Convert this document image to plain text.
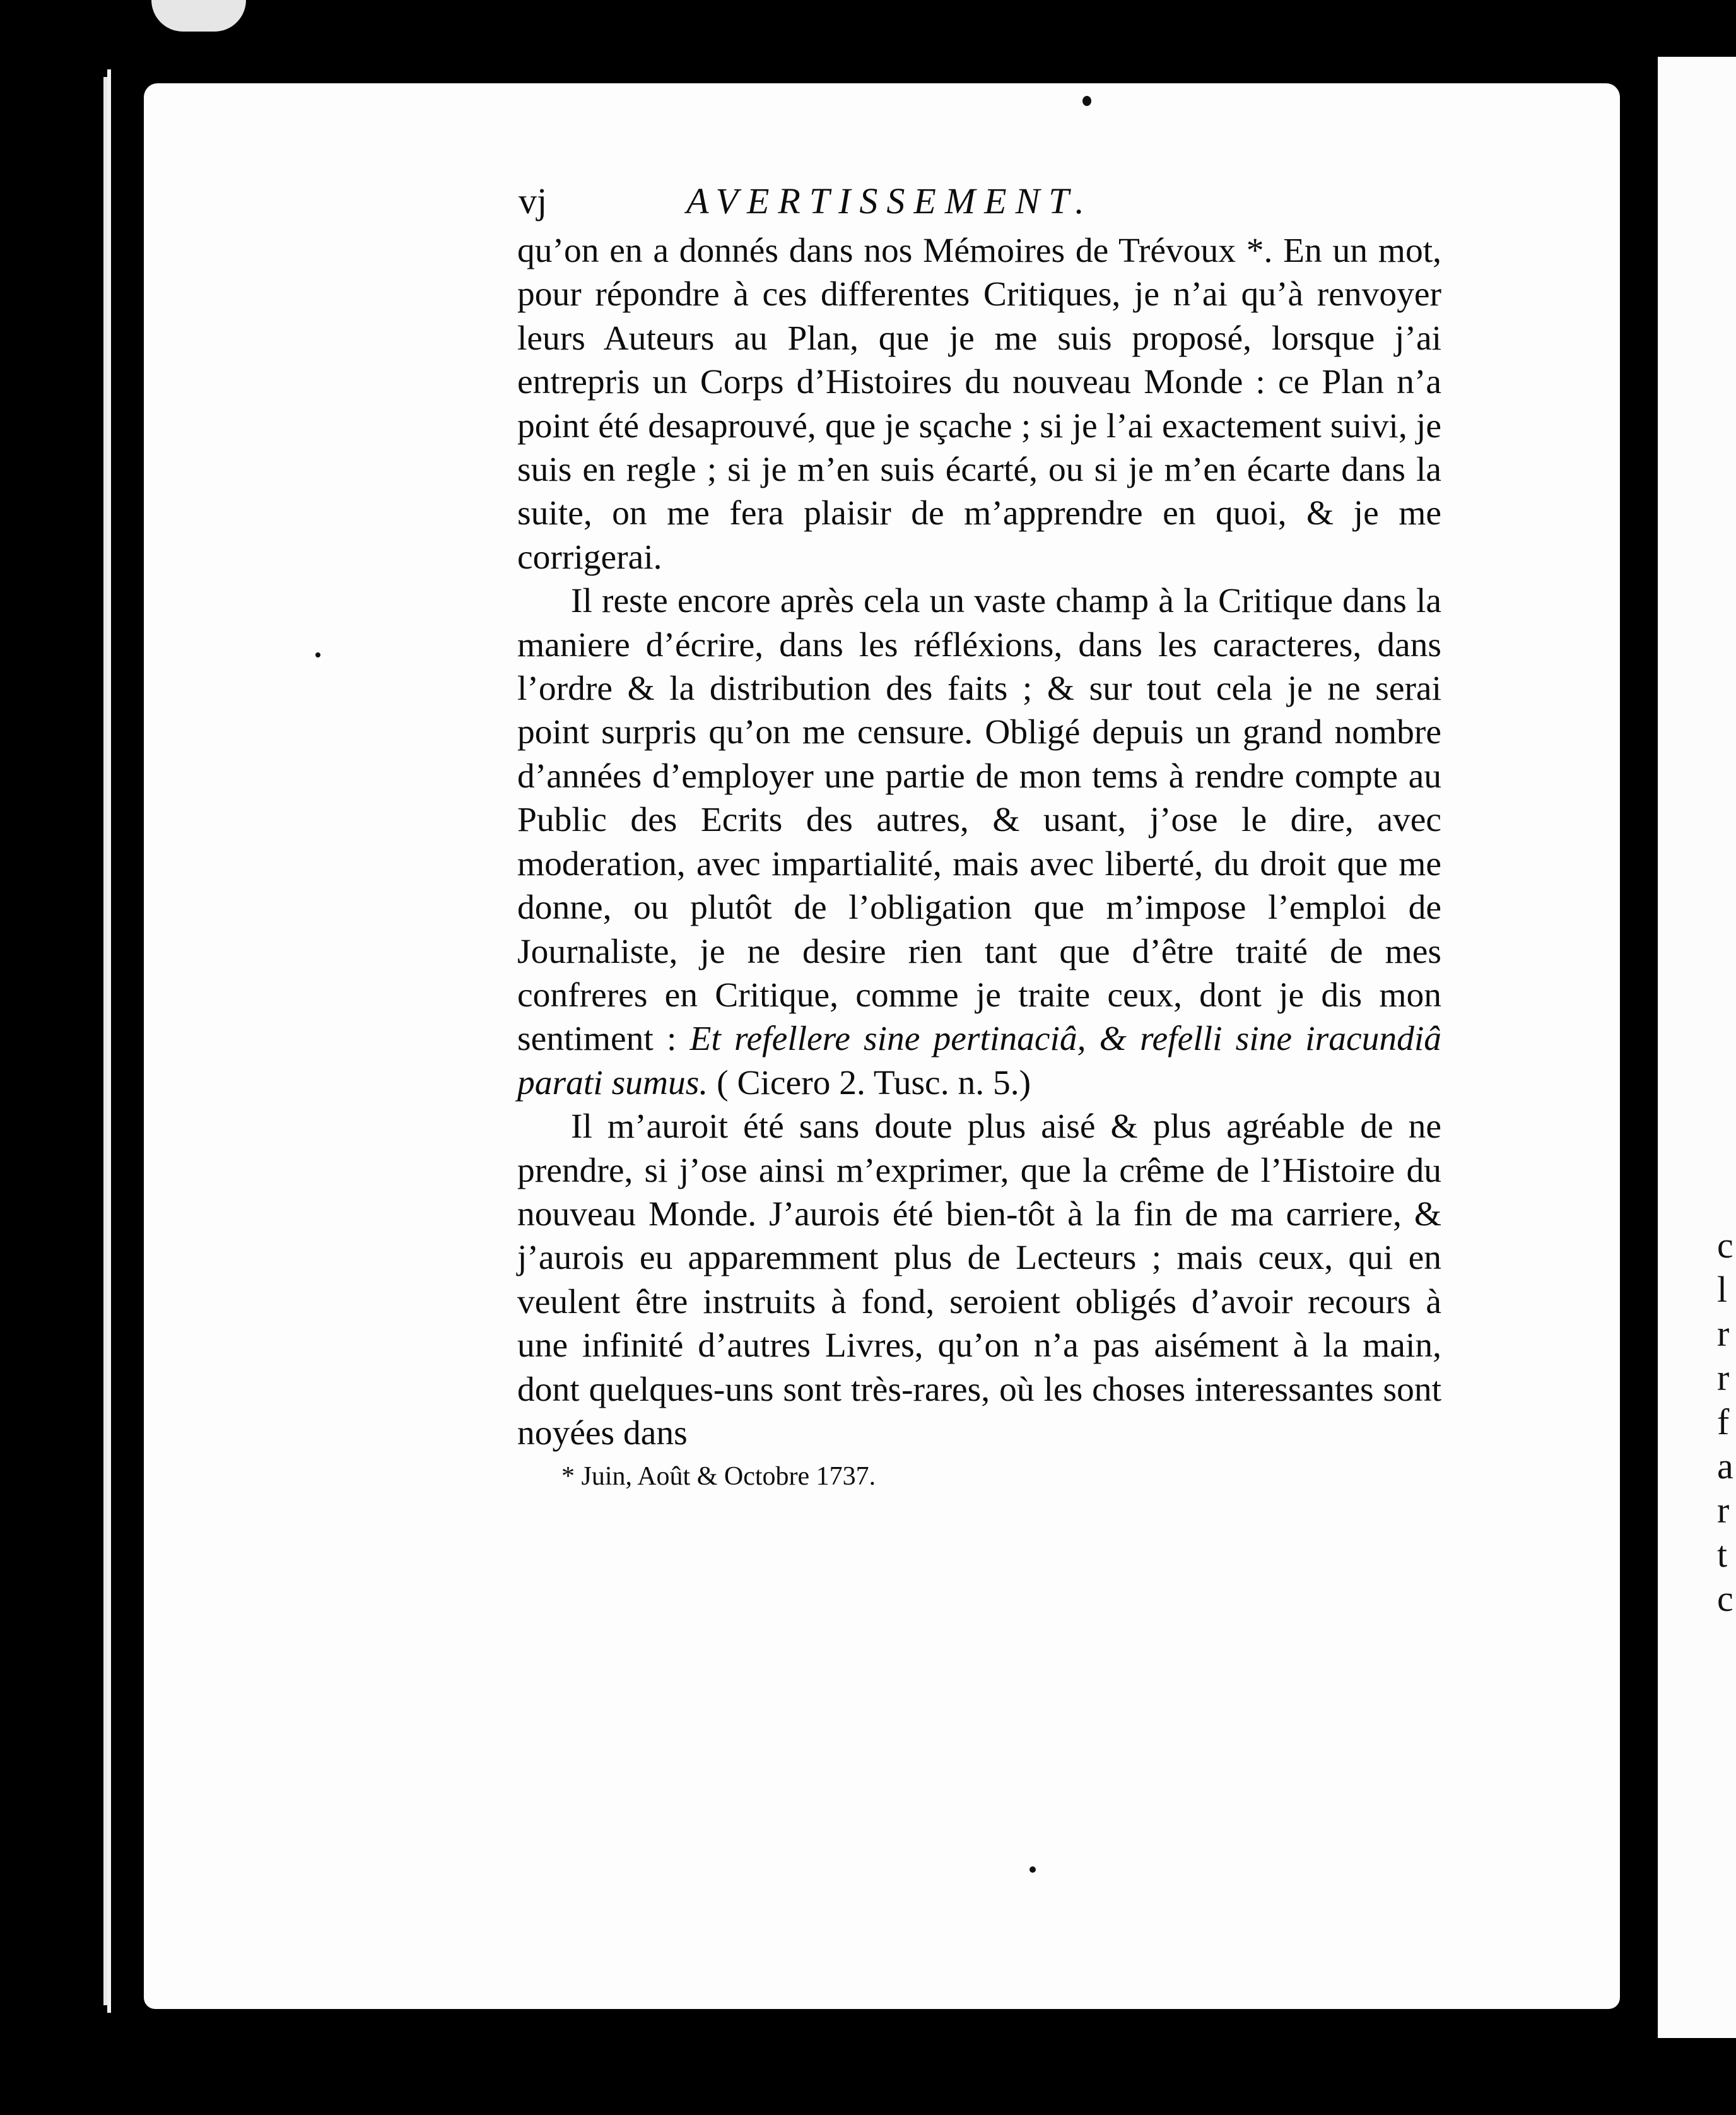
c
l
r
r
f
a
r
t
c
vj	AVERTISSEMENT.

qu’on en a donnés dans nos Mémoires de Trévoux *. En un mot, pour répondre à ces differentes Critiques, je n’ai qu’à renvoyer leurs Auteurs au Plan, que je me suis proposé, lorsque j’ai entrepris un Corps d’Histoires du nouveau Monde : ce Plan n’a point été desaprouvé, que je sçache ; si je l’ai exactement suivi, je suis en regle ; si je m’en suis écarté, ou si je m’en écarte dans la suite, on me fera plaisir de m’apprendre en quoi, & je me corrigerai.

Il reste encore après cela un vaste champ à la Critique dans la maniere d’écrire, dans les réfléxions, dans les caracteres, dans l’ordre & la distribution des faits ; & sur tout cela je ne serai point surpris qu’on me censure. Obligé depuis un grand nombre d’années d’employer une partie de mon tems à rendre compte au Public des Ecrits des autres, & usant, j’ose le dire, avec moderation, avec impartialité, mais avec liberté, du droit que me donne, ou plutôt de l’obligation que m’impose l’emploi de Journaliste, je ne desire rien tant que d’être traité de mes confreres en Critique, comme je traite ceux, dont je dis mon sentiment : Et refellere sine pertinaciâ, & refelli sine iracundiâ parati sumus. ( Cicero 2. Tusc. n. 5.)

Il m’auroit été sans doute plus aisé & plus agréable de ne prendre, si j’ose ainsi m’exprimer, que la crême de l’Histoire du nouveau Monde. J’aurois été bien-tôt à la fin de ma carriere, & j’aurois eu apparemment plus de Lecteurs ; mais ceux, qui en veulent être instruits à fond, seroient obligés d’avoir recours à une infinité d’autres Livres, qu’on n’a pas aisément à la main, dont quelques-uns sont très-rares, où les choses interessantes sont noyées dans

* Juin, Août & Octobre 1737.
